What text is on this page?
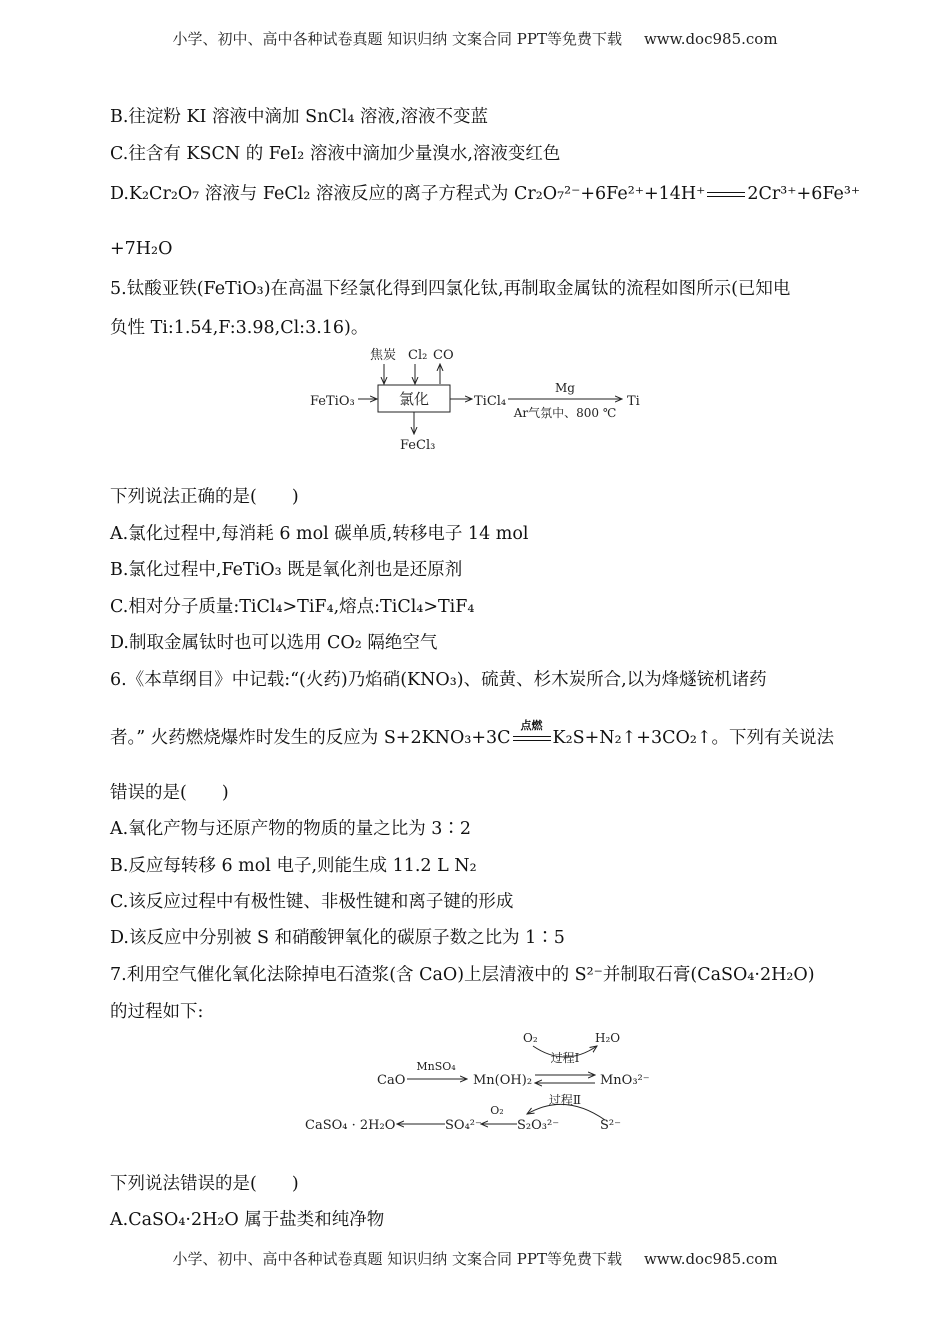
小学、初中、高中各种试卷真题 知识归纳 文案合同 PPT等免费下载 www.doc985.com
B.往淀粉 KI 溶液中滴加 SnCl₄ 溶液,溶液不变蓝
C.往含有 KSCN 的 FeI₂ 溶液中滴加少量溴水,溶液变红色
D.K₂Cr₂O₇ 溶液与 FeCl₂ 溶液反应的离子方程式为 Cr₂O₇²⁻+6Fe²⁺+14H⁺ 2Cr³⁺+6Fe³⁺
+7H₂O
5.钛酸亚铁(FeTiO₃)在高温下经氯化得到四氯化钛,再制取金属钛的流程如图所示(已知电
负性 Ti:1.54,F:3.98,Cl:3.16)。
焦炭 Cl₂ CO
氯化
FeTiO₃	TiCl₄
Mg
Ar气氛中、800 ℃
Ti
FeCl₃
下列说法正确的是(　　)
A.氯化过程中,每消耗 6 mol 碳单质,转移电子 14 mol
B.氯化过程中,FeTiO₃ 既是氧化剂也是还原剂
C.相对分子质量:TiCl₄>TiF₄,熔点:TiCl₄>TiF₄
D.制取金属钛时也可以选用 CO₂ 隔绝空气
6.《本草纲目》中记载:“(火药)乃焰硝(KNO₃)、硫黄、杉木炭所合,以为烽燧铳机诸药
者。” 火药燃烧爆炸时发生的反应为 S+2KNO₃+3C
点燃
K₂S+N₂↑+3CO₂↑。下列有关说法
错误的是(　　)
A.氧化产物与还原产物的物质的量之比为 3∶2
B.反应每转移 6 mol 电子,则能生成 11.2 L N₂
C.该反应过程中有极性键、非极性键和离子键的形成
D.该反应中分别被 S 和硝酸钾氧化的碳原子数之比为 1∶5
7.利用空气催化氧化法除掉电石渣浆(含 CaO)上层清液中的 S²⁻并制取石膏(CaSO₄·2H₂O)
的过程如下:
O₂	H₂O
过程Ⅰ
CaO
MnSO₄
Mn(OH)₂	MnO₃²⁻
过程Ⅱ
CaSO₄ · 2H₂O	SO₄²⁻
O₂
S₂O₃²⁻	S²⁻
下列说法错误的是(　　)
A.CaSO₄·2H₂O 属于盐类和纯净物
小学、初中、高中各种试卷真题 知识归纳 文案合同 PPT等免费下载 www.doc985.com
